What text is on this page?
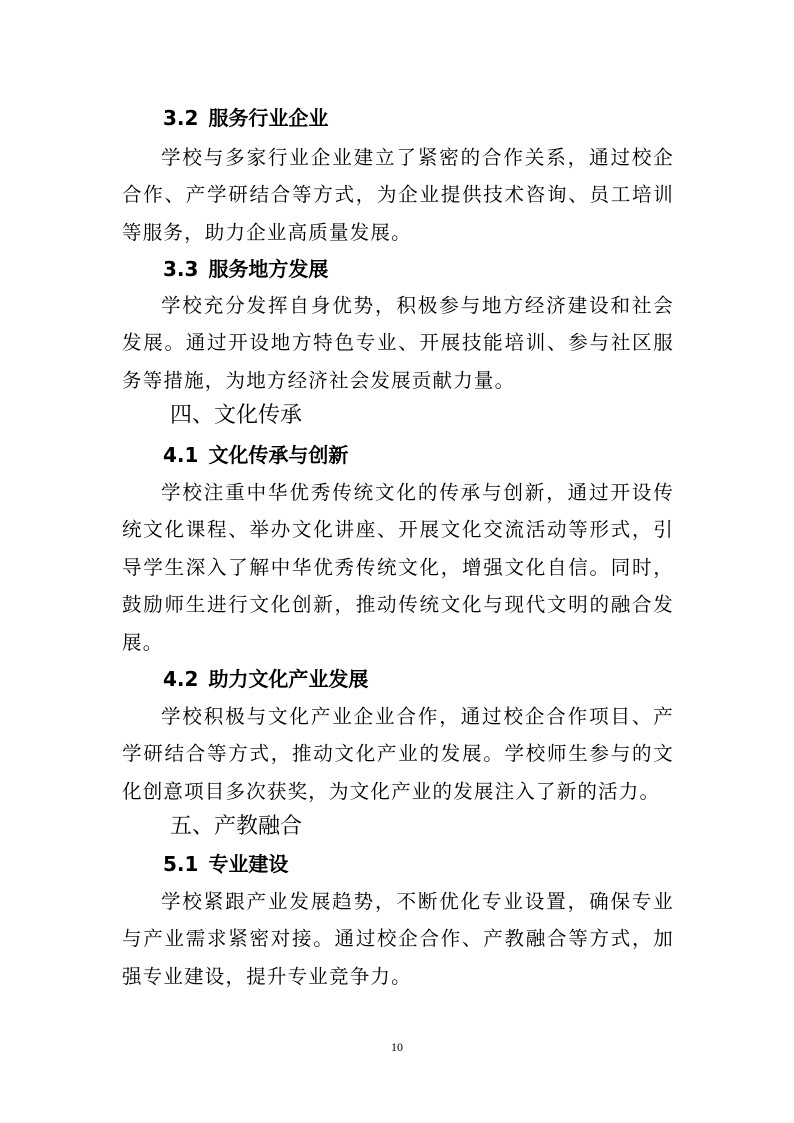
3.2 服务行业企业

学校与多家行业企业建立了紧密的合作关系，通过校企合作、产学研结合等方式，为企业提供技术咨询、员工培训等服务，助力企业高质量发展。

3.3 服务地方发展

学校充分发挥自身优势，积极参与地方经济建设和社会发展。通过开设地方特色专业、开展技能培训、参与社区服务等措施，为地方经济社会发展贡献力量。

四、文化传承
4.1 文化传承与创新

学校注重中华优秀传统文化的传承与创新，通过开设传统文化课程、举办文化讲座、开展文化交流活动等形式，引导学生深入了解中华优秀传统文化，增强文化自信。同时，鼓励师生进行文化创新，推动传统文化与现代文明的融合发展。

4.2 助力文化产业发展

学校积极与文化产业企业合作，通过校企合作项目、产学研结合等方式，推动文化产业的发展。学校师生参与的文化创意项目多次获奖，为文化产业的发展注入了新的活力。

五、产教融合
5.1 专业建设

学校紧跟产业发展趋势，不断优化专业设置，确保专业与产业需求紧密对接。通过校企合作、产教融合等方式，加强专业建设，提升专业竞争力。

10
